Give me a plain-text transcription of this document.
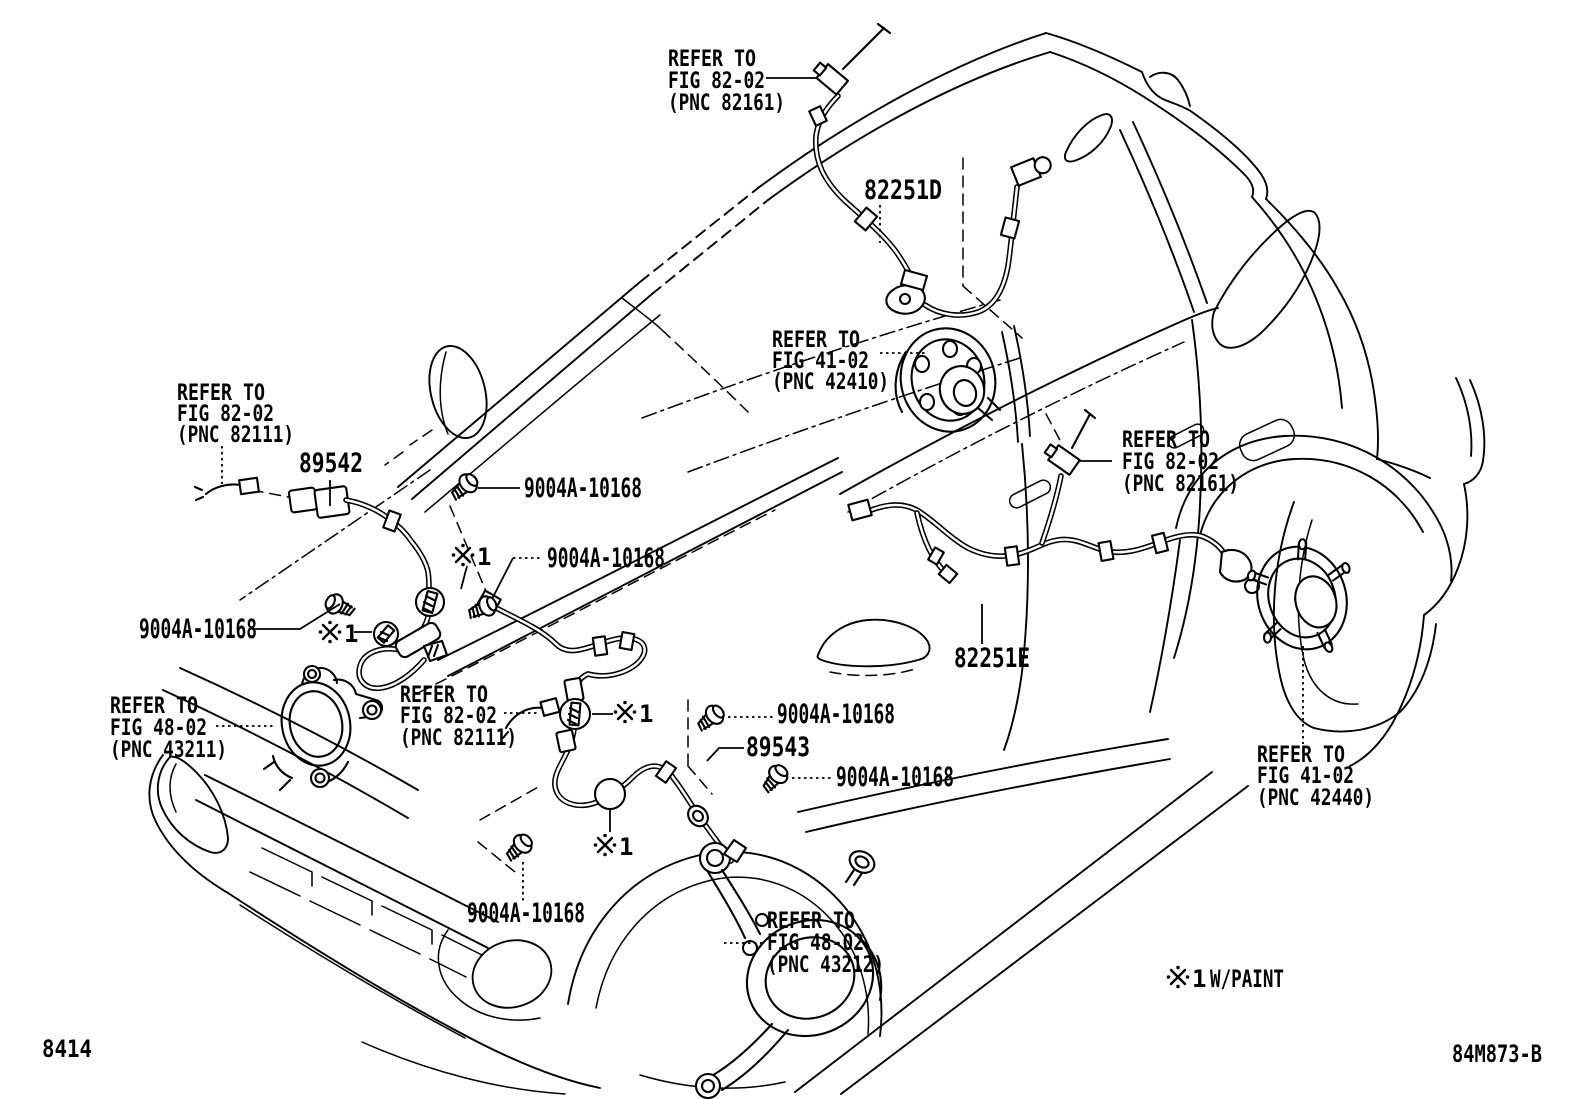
REFER TO
FIG 82-02
(PNC 82161)
REFER TO
FIG 41-02
(PNC 42410)
REFER TO
FIG 82-02
(PNC 82161)
REFER TO
FIG 82-02
(PNC 82111)
REFER TO
FIG 48-02
(PNC 43211)
REFER TO
FIG 82-02
(PNC 82111)
REFER TO
FIG 48-02
(PNC 43212)
REFER TO
FIG 41-02
(PNC 42440)
89542
82251D
82251E
89543
9004A-10168
9004A-10168
9004A-10168
9004A-10168
9004A-10168
9004A-10168
1
1
1
1
1 W/PAINT
8414	84M873-B
